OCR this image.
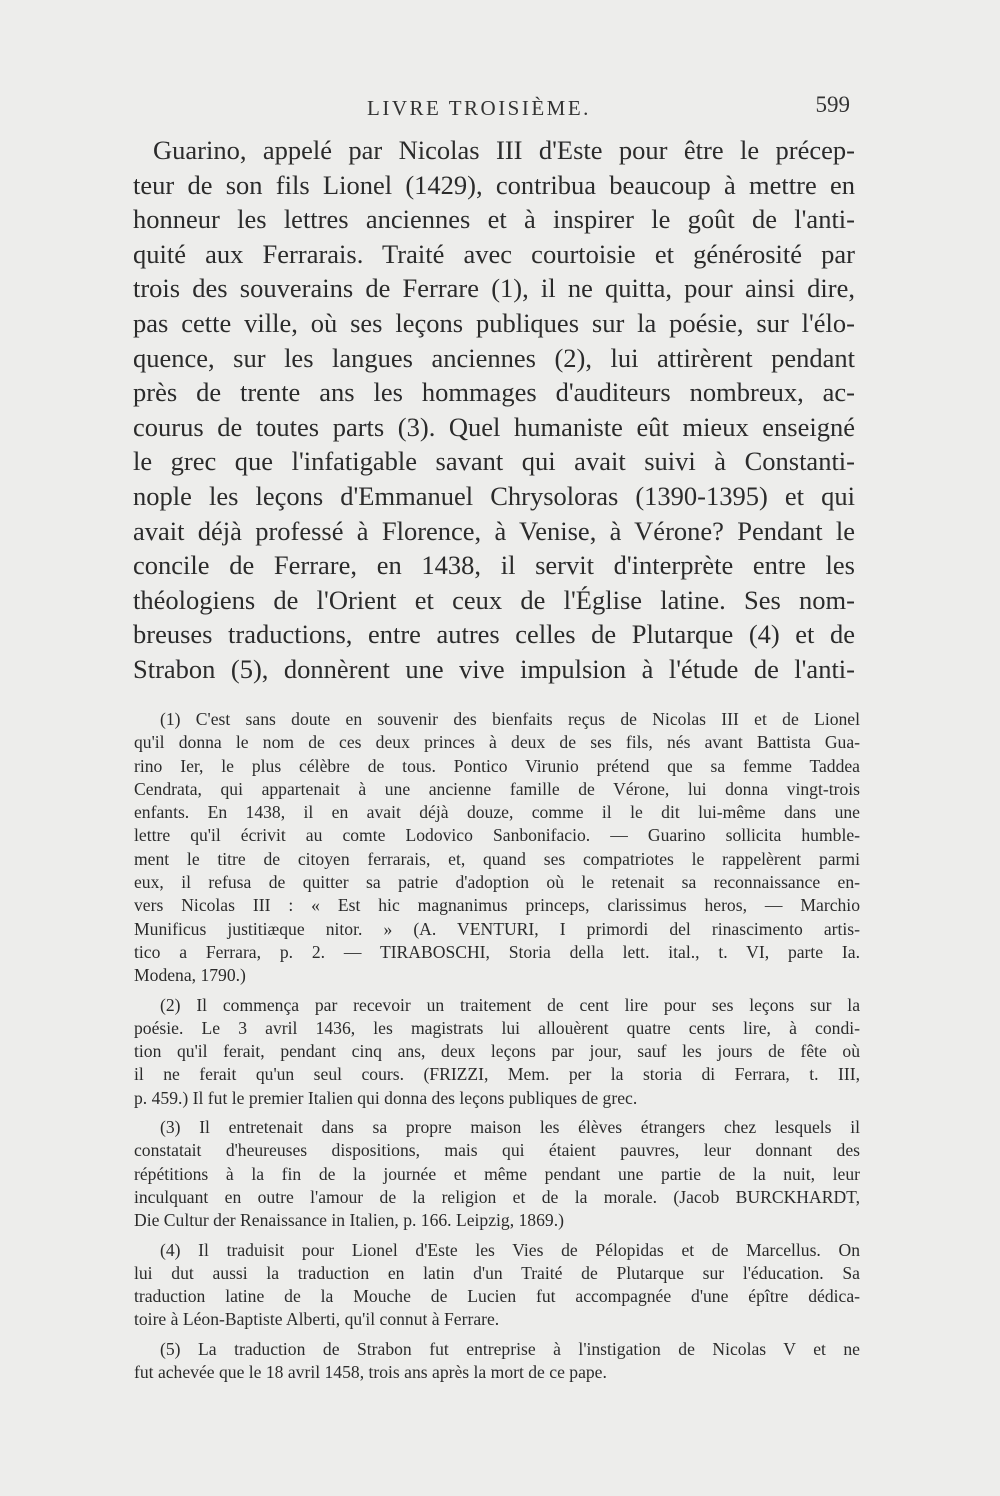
LIVRE TROISIÈME.	599
Guarino, appelé par Nicolas III d'Este pour être le précep-
teur de son fils Lionel (1429), contribua beaucoup à mettre en
honneur les lettres anciennes et à inspirer le goût de l'anti-
quité aux Ferrarais. Traité avec courtoisie et générosité par
trois des souverains de Ferrare (1), il ne quitta, pour ainsi dire,
pas cette ville, où ses leçons publiques sur la poésie, sur l'élo-
quence, sur les langues anciennes (2), lui attirèrent pendant
près de trente ans les hommages d'auditeurs nombreux, ac-
courus de toutes parts (3). Quel humaniste eût mieux enseigné
le grec que l'infatigable savant qui avait suivi à Constanti-
nople les leçons d'Emmanuel Chrysoloras (1390-1395) et qui
avait déjà professé à Florence, à Venise, à Vérone? Pendant le
concile de Ferrare, en 1438, il servit d'interprète entre les
théologiens de l'Orient et ceux de l'Église latine. Ses nom-
breuses traductions, entre autres celles de Plutarque (4) et de
Strabon (5), donnèrent une vive impulsion à l'étude de l'anti-
(1) C'est sans doute en souvenir des bienfaits reçus de Nicolas III et de Lionel
qu'il donna le nom de ces deux princes à deux de ses fils, nés avant Battista Gua-
rino Ier, le plus célèbre de tous. Pontico Virunio prétend que sa femme Taddea
Cendrata, qui appartenait à une ancienne famille de Vérone, lui donna vingt-trois
enfants. En 1438, il en avait déjà douze, comme il le dit lui-même dans une
lettre qu'il écrivit au comte Lodovico Sanbonifacio. — Guarino sollicita humble-
ment le titre de citoyen ferrarais, et, quand ses compatriotes le rappelèrent parmi
eux, il refusa de quitter sa patrie d'adoption où le retenait sa reconnaissance en-
vers Nicolas III : « Est hic magnanimus princeps, clarissimus heros, — Marchio
Munificus justitiæque nitor. » (A. VENTURI, I primordi del rinascimento artis-
tico a Ferrara, p. 2. — TIRABOSCHI, Storia della lett. ital., t. VI, parte Ia.
Modena, 1790.)
(2) Il commença par recevoir un traitement de cent lire pour ses leçons sur la
poésie. Le 3 avril 1436, les magistrats lui allouèrent quatre cents lire, à condi-
tion qu'il ferait, pendant cinq ans, deux leçons par jour, sauf les jours de fête où
il ne ferait qu'un seul cours. (FRIZZI, Mem. per la storia di Ferrara, t. III,
p. 459.) Il fut le premier Italien qui donna des leçons publiques de grec.
(3) Il entretenait dans sa propre maison les élèves étrangers chez lesquels il
constatait d'heureuses dispositions, mais qui étaient pauvres, leur donnant des
répétitions à la fin de la journée et même pendant une partie de la nuit, leur
inculquant en outre l'amour de la religion et de la morale. (Jacob BURCKHARDT,
Die Cultur der Renaissance in Italien, p. 166. Leipzig, 1869.)
(4) Il traduisit pour Lionel d'Este les Vies de Pélopidas et de Marcellus. On
lui dut aussi la traduction en latin d'un Traité de Plutarque sur l'éducation. Sa
traduction latine de la Mouche de Lucien fut accompagnée d'une épître dédica-
toire à Léon-Baptiste Alberti, qu'il connut à Ferrare.
(5) La traduction de Strabon fut entreprise à l'instigation de Nicolas V et ne
fut achevée que le 18 avril 1458, trois ans après la mort de ce pape.
